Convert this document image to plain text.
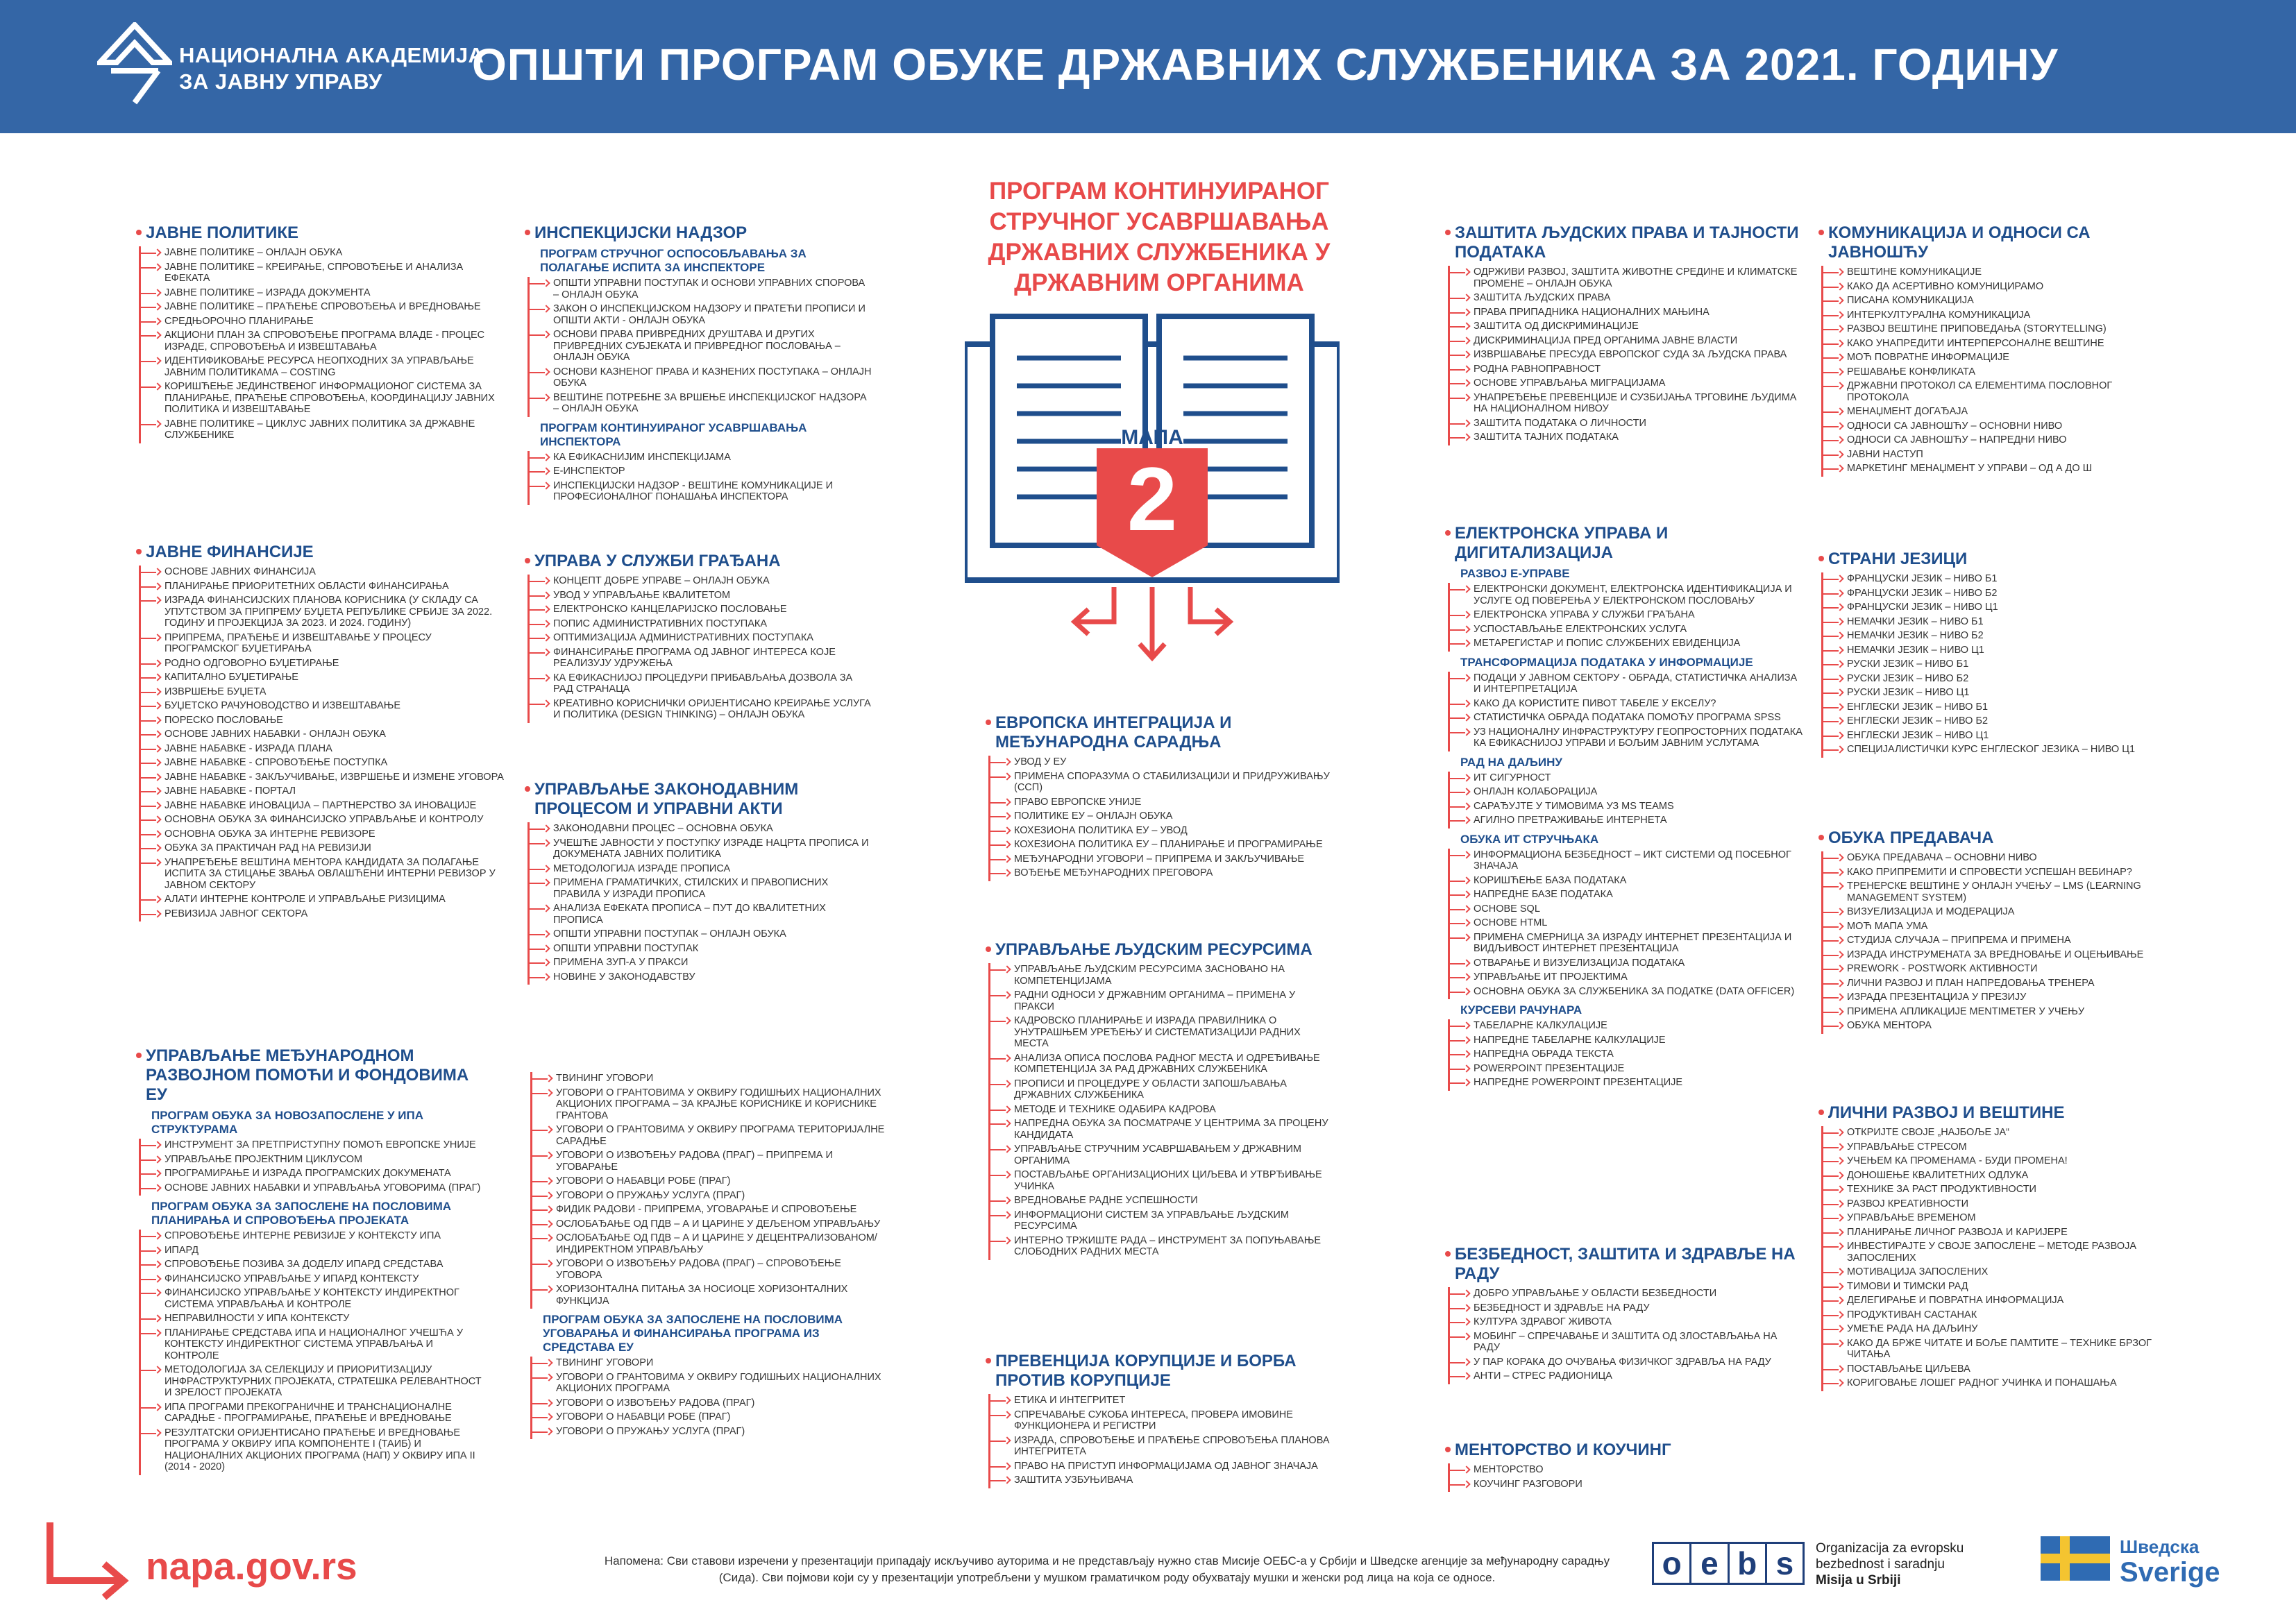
НАЦИОНАЛНА АКАДЕМИЈА
ЗА ЈАВНУ УПРАВУ ОПШТИ ПРОГРАМ ОБУКЕ ДРЖАВНИХ СЛУЖБЕНИКА ЗА 2021. ГОДИНУ
ЈАВНЕ ПОЛИТИКЕ
ЈАВНЕ ПОЛИТИКЕ – ОНЛАЈН ОБУКА
ЈАВНЕ ПОЛИТИКЕ – КРЕИРАЊЕ, СПРОВОЂЕЊЕ И АНАЛИЗА ЕФЕКАТА
ЈАВНЕ ПОЛИТИКЕ – ИЗРАДА ДОКУМЕНТА
ЈАВНЕ ПОЛИТИКЕ – ПРАЋЕЊЕ СПРОВОЂЕЊА И ВРЕДНОВАЊЕ
СРЕДЊОРОЧНО ПЛАНИРАЊЕ
АКЦИОНИ ПЛАН ЗА СПРОВОЂЕЊЕ ПРОГРАМА ВЛАДЕ - ПРОЦЕС ИЗРАДЕ, СПРОВОЂЕЊА И ИЗВЕШТАВАЊА
ИДЕНТИФИКОВАЊЕ РЕСУРСА НЕОПХОДНИХ ЗА УПРАВЉАЊЕ ЈАВНИМ ПОЛИТИКАМА – COSTING
КОРИШЋЕЊЕ ЈЕДИНСТВЕНОГ ИНФОРМАЦИОНОГ СИСТЕМА ЗА ПЛАНИРАЊЕ, ПРАЋЕЊЕ СПРОВОЂЕЊА, КООРДИНАЦИЈУ ЈАВНИХ ПОЛИТИКА И ИЗВЕШТАВАЊЕ
ЈАВНЕ ПОЛИТИКЕ – ЦИКЛУС ЈАВНИХ ПОЛИТИКА ЗА ДРЖАВНЕ СЛУЖБЕНИКЕ
ЈАВНЕ ФИНАНСИЈЕ
ОСНОВЕ ЈАВНИХ ФИНАНСИЈА
ПЛАНИРАЊЕ ПРИОРИТЕТНИХ ОБЛАСТИ ФИНАНСИРАЊА
ИЗРАДА ФИНАНСИЈСКИХ ПЛАНОВА КОРИСНИКА (У СКЛАДУ СА УПУТСТВОМ ЗА ПРИПРЕМУ БУЏЕТА РЕПУБЛИКЕ СРБИЈЕ ЗА 2022. ГОДИНУ И ПРОЈЕКЦИЈА ЗА 2023. И 2024. ГОДИНУ)
ПРИПРЕМА, ПРАЋЕЊЕ И ИЗВЕШТАВАЊЕ У ПРОЦЕСУ ПРОГРАМСКОГ БУЏЕТИРАЊА
РОДНО ОДГОВОРНО БУЏЕТИРАЊЕ
КАПИТАЛНО БУЏЕТИРАЊЕ
ИЗВРШЕЊЕ БУЏЕТА
БУЏЕТСКО РАЧУНОВОДСТВО И ИЗВЕШТАВАЊЕ
ПОРЕСКО ПОСЛОВАЊЕ
ОСНОВЕ ЈАВНИХ НАБАВКИ - ОНЛАЈН ОБУКА
ЈАВНЕ НАБАВКЕ - ИЗРАДА ПЛАНА
ЈАВНЕ НАБАВКЕ - СПРОВОЂЕЊЕ ПОСТУПКА
ЈАВНЕ НАБАВКЕ - ЗАКЉУЧИВАЊЕ, ИЗВРШЕЊЕ И ИЗМЕНЕ УГОВОРА
ЈАВНЕ НАБАВКЕ - ПОРТАЛ
ЈАВНЕ НАБАВКЕ ИНОВАЦИЈА – ПАРТНЕРСТВО ЗА ИНОВАЦИЈЕ
ОСНОВНА ОБУКА ЗА ФИНАНСИЈСКО УПРАВЉАЊЕ И КОНТРОЛУ
ОСНОВНА ОБУКА ЗА ИНТЕРНЕ РЕВИЗОРЕ
ОБУКА ЗА ПРАКТИЧАН РАД НА РЕВИЗИЈИ
УНАПРЕЂЕЊЕ ВЕШТИНА МЕНТОРА КАНДИДАТА ЗА ПОЛАГАЊЕ ИСПИТА ЗА СТИЦАЊЕ ЗВАЊА ОВЛАШЋЕНИ ИНТЕРНИ РЕВИЗОР У ЈАВНОМ СЕКТОРУ
АЛАТИ ИНТЕРНЕ КОНТРОЛЕ И УПРАВЉАЊЕ РИЗИЦИМА
РЕВИЗИЈА ЈАВНОГ СЕКТОРА
УПРАВЉАЊЕ МЕЂУНАРОДНОМ РАЗВОЈНОМ ПОМОЋИ И ФОНДОВИМА ЕУ
ПРОГРАМ ОБУКА ЗА НОВОЗАПОСЛЕНЕ У ИПА СТРУКТУРАМА
ИНСТРУМЕНТ ЗА ПРЕТПРИСТУПНУ ПОМОЋ ЕВРОПСКЕ УНИЈЕ
УПРАВЉАЊЕ ПРОЈЕКТНИМ ЦИКЛУСОМ
ПРОГРАМИРАЊЕ И ИЗРАДА ПРОГРАМСКИХ ДОКУМЕНАТА
ОСНОВЕ ЈАВНИХ НАБАВКИ И УПРАВЉАЊА УГОВОРИМА (ПРАГ)
ПРОГРАМ ОБУКА ЗА ЗАПОСЛЕНЕ НА ПОСЛОВИМА ПЛАНИРАЊА И СПРОВОЂЕЊА ПРОЈЕКАТА
СПРОВОЂЕЊЕ ИНТЕРНЕ РЕВИЗИЈЕ У КОНТЕКСТУ ИПА
ИПАРД
СПРОВОЂЕЊЕ ПОЗИВА ЗА ДОДЕЛУ ИПАРД СРЕДСТАВА
ФИНАНСИЈСКО УПРАВЉАЊЕ У ИПАРД КОНТЕКСТУ
ФИНАНСИЈСКО УПРАВЉАЊЕ У КОНТЕКСТУ ИНДИРЕКТНОГ СИСТЕМА УПРАВЉАЊА И КОНТРОЛЕ
НЕПРАВИЛНОСТИ У ИПА КОНТЕКСТУ
ПЛАНИРАЊЕ СРЕДСТАВА ИПА И НАЦИОНАЛНОГ УЧЕШЋА У КОНТЕКСТУ ИНДИРЕКТНОГ СИСТЕМА УПРАВЉАЊА И КОНТРОЛЕ
МЕТОДОЛОГИЈА ЗА СЕЛЕКЦИЈУ И ПРИОРИТИЗАЦИЈУ ИНФРАСТРУКТУРНИХ ПРОЈЕКАТА, СТРАТЕШКА РЕЛЕВАНТНОСТ И ЗРЕЛОСТ ПРОЈЕКАТА
ИПА ПРОГРАМИ ПРЕКОГРАНИЧНЕ И ТРАНСНАЦИОНАЛНЕ САРАДЊЕ - ПРОГРАМИРАЊЕ, ПРАЋЕЊЕ И ВРЕДНОВАЊЕ
РЕЗУЛТАТСКИ ОРИЈЕНТИСАНО ПРАЋЕЊЕ И ВРЕДНОВАЊЕ ПРОГРАМА У ОКВИРУ ИПА КОМПОНЕНТЕ I (ТАИБ) И НАЦИОНАЛНИХ АКЦИОНИХ ПРОГРАМА (НАП) У ОКВИРУ ИПА II (2014 - 2020)
ТВИНИНГ УГОВОРИ
УГОВОРИ О ГРАНТОВИМА У ОКВИРУ ГОДИШЊИХ НАЦИОНАЛНИХ АКЦИОНИХ ПРОГРАМА – ЗА КРАЈЊЕ КОРИСНИКЕ И КОРИСНИКЕ ГРАНТОВА
УГОВОРИ О ГРАНТОВИМА У ОКВИРУ ПРОГРАМА ТЕРИТОРИЈАЛНЕ САРАДЊЕ
УГОВОРИ О ИЗВОЂЕЊУ РАДОВА (ПРАГ) – ПРИПРЕМА И УГОВАРАЊЕ
УГОВОРИ О НАБАВЦИ РОБЕ (ПРАГ)
УГОВОРИ О ПРУЖАЊУ УСЛУГА (ПРАГ)
ФИДИК РАДОВИ - ПРИПРЕМА, УГОВАРАЊЕ И СПРОВОЂЕЊЕ
ОСЛОБАЂАЊЕ ОД ПДВ – А И ЦАРИНЕ У ДЕЉЕНОМ УПРАВЉАЊУ
ОСЛОБАЂАЊЕ ОД ПДВ – А И ЦАРИНЕ У ДЕЦЕНТРАЛИЗОВАНОМ/ ИНДИРЕКТНОМ УПРАВЉАЊУ
УГОВОРИ О ИЗВОЂЕЊУ РАДОВА (ПРАГ) – СПРОВОЂЕЊЕ УГОВОРА
ХОРИЗОНТАЛНА ПИТАЊА ЗА НОСИОЦЕ ХОРИЗОНТАЛНИХ ФУНКЦИЈА
ПРОГРАМ ОБУКА ЗА ЗАПОСЛЕНЕ НА ПОСЛОВИМА УГОВАРАЊА И ФИНАНСИРАЊА ПРОГРАМА ИЗ СРЕДСТАВА ЕУ
ТВИНИНГ УГОВОРИ
УГОВОРИ О ГРАНТОВИМА У ОКВИРУ ГОДИШЊИХ НАЦИОНАЛНИХ АКЦИОНИХ ПРОГРАМА
УГОВОРИ О ИЗВОЂЕЊУ РАДОВА (ПРАГ)
УГОВОРИ О НАБАВЦИ РОБЕ (ПРАГ)
УГОВОРИ О ПРУЖАЊУ УСЛУГА (ПРАГ)
ИНСПЕКЦИЈСКИ НАДЗОР
ПРОГРАМ СТРУЧНОГ ОСПОСОБЉАВАЊА ЗА ПОЛАГАЊЕ ИСПИТА ЗА ИНСПЕКТОРЕ
ОПШТИ УПРАВНИ ПОСТУПАК И ОСНОВИ УПРАВНИХ СПОРОВА – ОНЛАЈН ОБУКА
ЗАКОН О ИНСПЕКЦИЈСКОМ НАДЗОРУ И ПРАТЕЋИ ПРОПИСИ И ОПШТИ АКТИ - ОНЛАЈН ОБУКА
ОСНОВИ ПРАВА ПРИВРЕДНИХ ДРУШТАВА И ДРУГИХ ПРИВРЕДНИХ СУБЈЕКАТА И ПРИВРЕДНОГ ПОСЛОВАЊА – ОНЛАЈН ОБУКА
ОСНОВИ КАЗНЕНОГ ПРАВА И КАЗНЕНИХ ПОСТУПАКА – ОНЛАЈН ОБУКА
ВЕШТИНЕ ПОТРЕБНЕ ЗА ВРШЕЊЕ ИНСПЕКЦИЈСКОГ НАДЗОРА – ОНЛАЈН ОБУКА
ПРОГРАМ КОНТИНУИРАНОГ УСАВРШАВАЊА ИНСПЕКТОРА
КА ЕФИКАСНИЈИМ ИНСПЕКЦИЈАМА
Е-ИНСПЕКТОР
ИНСПЕКЦИЈСКИ НАДЗОР - ВЕШТИНЕ КОМУНИКАЦИЈЕ И ПРОФЕСИОНАЛНОГ ПОНАШАЊА ИНСПЕКТОРА
УПРАВА У СЛУЖБИ ГРАЂАНА
КОНЦЕПТ ДОБРЕ УПРАВЕ – ОНЛАЈН ОБУКА
УВОД У УПРАВЉАЊЕ КВАЛИТЕТОМ
ЕЛЕКТРОНСКО КАНЦЕЛАРИЈСКО ПОСЛОВАЊЕ
ПОПИС АДМИНИСТРАТИВНИХ ПОСТУПАКА
ОПТИМИЗАЦИЈА АДМИНИСТРАТИВНИХ ПОСТУПАКА
ФИНАНСИРАЊЕ ПРОГРАМА ОД ЈАВНОГ ИНТЕРЕСА КОЈЕ РЕАЛИЗУЈУ УДРУЖЕЊА
КА ЕФИКАСНИЈОЈ ПРОЦЕДУРИ ПРИБАВЉАЊА ДОЗВОЛА ЗА РАД СТРАНАЦА
КРЕАТИВНО КОРИСНИЧКИ ОРИЈЕНТИСАНО КРЕИРАЊЕ УСЛУГА И ПОЛИТИКА (DESIGN THINKING) – ОНЛАЈН ОБУКА
УПРАВЉАЊЕ ЗАКОНОДАВНИМ ПРОЦЕСОМ И УПРАВНИ АКТИ
ЗАКОНОДАВНИ ПРОЦЕС – ОСНОВНА ОБУКА
УЧЕШЋЕ ЈАВНОСТИ У ПОСТУПКУ ИЗРАДЕ НАЦРТА ПРОПИСА И ДОКУМЕНАТА ЈАВНИХ ПОЛИТИКА
МЕТОДОЛОГИЈА ИЗРАДЕ ПРОПИСА
ПРИМЕНА ГРАМАТИЧКИХ, СТИЛСКИХ И ПРАВОПИСНИХ ПРАВИЛА У ИЗРАДИ ПРОПИСА
АНАЛИЗА ЕФЕКАТА ПРОПИСА – ПУТ ДО КВАЛИТЕТНИХ ПРОПИСА
ОПШТИ УПРАВНИ ПОСТУПАК – ОНЛАЈН ОБУКА
ОПШТИ УПРАВНИ ПОСТУПАК
ПРИМЕНА ЗУП-А У ПРАКСИ
НОВИНЕ У ЗАКОНОДАВСТВУ
ЕВРОПСКА ИНТЕГРАЦИЈА И МЕЂУНАРОДНА САРАДЊА
УВОД У ЕУ
ПРИМЕНА СПОРАЗУМА О СТАБИЛИЗАЦИЈИ И ПРИДРУЖИВАЊУ (ССП)
ПРАВО ЕВРОПСКЕ УНИЈЕ
ПОЛИТИКЕ ЕУ – ОНЛАЈН ОБУКА
КОХЕЗИОНА ПОЛИТИКА ЕУ – УВОД
КОХЕЗИОНА ПОЛИТИКА ЕУ – ПЛАНИРАЊЕ И ПРОГРАМИРАЊЕ
МЕЂУНАРОДНИ УГОВОРИ – ПРИПРЕМА И ЗАКЉУЧИВАЊЕ
ВОЂЕЊЕ МЕЂУНАРОДНИХ ПРЕГОВОРА
УПРАВЉАЊЕ ЉУДСКИМ РЕСУРСИМА
УПРАВЉАЊЕ ЉУДСКИМ РЕСУРСИМА ЗАСНОВАНО НА КОМПЕТЕНЦИЈАМА
РАДНИ ОДНОСИ У ДРЖАВНИМ ОРГАНИМА – ПРИМЕНА У ПРАКСИ
КАДРОВСКО ПЛАНИРАЊЕ И ИЗРАДА ПРАВИЛНИКА О УНУТРАШЊЕМ УРЕЂЕЊУ И СИСТЕМАТИЗАЦИЈИ РАДНИХ МЕСТА
АНАЛИЗА ОПИСА ПОСЛОВА РАДНОГ МЕСТА И ОДРЕЂИВАЊЕ КОМПЕТЕНЦИЈА ЗА РАД ДРЖАВНИХ СЛУЖБЕНИКА
ПРОПИСИ И ПРОЦЕДУРЕ У ОБЛАСТИ ЗАПОШЉАВАЊА ДРЖАВНИХ СЛУЖБЕНИКА
МЕТОДЕ И ТЕХНИКЕ ОДАБИРА КАДРОВА
НАПРЕДНА ОБУКА ЗА ПОСМАТРАЧЕ У ЦЕНТРИМА ЗА ПРОЦЕНУ КАНДИДАТА
УПРАВЉАЊЕ СТРУЧНИМ УСАВРШАВАЊЕМ У ДРЖАВНИМ ОРГАНИМА
ПОСТАВЉАЊЕ ОРГАНИЗАЦИОНИХ ЦИЉЕВА И УТВРЂИВАЊЕ УЧИНКА
ВРЕДНОВАЊЕ РАДНЕ УСПЕШНОСТИ
ИНФОРМАЦИОНИ СИСТЕМ ЗА УПРАВЉАЊЕ ЉУДСКИМ РЕСУРСИМА
ИНТЕРНО ТРЖИШТЕ РАДА – ИНСТРУМЕНТ ЗА ПОПУЊАВАЊЕ СЛОБОДНИХ РАДНИХ МЕСТА
ПРЕВЕНЦИЈА КОРУПЦИЈЕ И БОРБА ПРОТИВ КОРУПЦИЈЕ
ЕТИКА И ИНТЕГРИТЕТ
СПРЕЧАВАЊЕ СУКОБА ИНТЕРЕСА, ПРОВЕРА ИМОВИНЕ ФУНКЦИОНЕРА И РЕГИСТРИ
ИЗРАДА, СПРОВОЂЕЊЕ И ПРАЋЕЊЕ СПРОВОЂЕЊА ПЛАНОВА ИНТЕГРИТЕТА
ПРАВО НА ПРИСТУП ИНФОРМАЦИЈАМА ОД ЈАВНОГ ЗНАЧАЈА
ЗАШТИТА УЗБУЊИВАЧА
ЗАШТИТА ЉУДСКИХ ПРАВА И ТАЈНОСТИ ПОДАТАКА
ОДРЖИВИ РАЗВОЈ, ЗАШТИТА ЖИВОТНЕ СРЕДИНЕ И КЛИМАТСКЕ ПРОМЕНЕ – ОНЛАЈН ОБУКА
ЗАШТИТА ЉУДСКИХ ПРАВА
ПРАВА ПРИПАДНИКА НАЦИОНАЛНИХ МАЊИНА
ЗАШТИТА ОД ДИСКРИМИНАЦИЈЕ
ДИСКРИМИНАЦИЈА ПРЕД ОРГАНИМА ЈАВНЕ ВЛАСТИ
ИЗВРШАВАЊЕ ПРЕСУДА ЕВРОПСКОГ СУДА ЗА ЉУДСКА ПРАВА
РОДНА РАВНОПРАВНОСТ
ОСНОВЕ УПРАВЉАЊА МИГРАЦИЈАМА
УНАПРЕЂЕЊЕ ПРЕВЕНЦИЈЕ И СУЗБИЈАЊА ТРГОВИНЕ ЉУДИМА НА НАЦИОНАЛНОМ НИВОУ
ЗАШТИТА ПОДАТАКА О ЛИЧНОСТИ
ЗАШТИТА ТАЈНИХ ПОДАТАКА
ЕЛЕКТРОНСКА УПРАВА И ДИГИТАЛИЗАЦИЈА
РАЗВОЈ Е-УПРАВЕ
ЕЛЕКТРОНСКИ ДОКУМЕНТ, ЕЛЕКТРОНСКА ИДЕНТИФИКАЦИЈА И УСЛУГЕ ОД ПОВЕРЕЊА У ЕЛЕКТРОНСКОМ ПОСЛОВАЊУ
ЕЛЕКТРОНСКА УПРАВА У СЛУЖБИ ГРАЂАНА
УСПОСТАВЉАЊЕ ЕЛЕКТРОНСКИХ УСЛУГА
МЕТАРЕГИСТАР И ПОПИС СЛУЖБЕНИХ ЕВИДЕНЦИЈА
ТРАНСФОРМАЦИЈА ПОДАТАКА У ИНФОРМАЦИЈЕ
ПОДАЦИ У ЈАВНОМ СЕКТОРУ - ОБРАДА, СТАТИСТИЧКА АНАЛИЗА И ИНТЕРПРЕТАЦИЈА
КАКО ДА КОРИСТИТЕ ПИВОТ ТАБЕЛЕ У ЕКСЕЛУ?
СТАТИСТИЧКА ОБРАДА ПОДАТАКА ПОМОЋУ ПРОГРАМА SPSS
УЗ НАЦИОНАЛНУ ИНФРАСТРУКТУРУ ГЕОПРОСТОРНИХ ПОДАТАКА КА ЕФИКАСНИЈОЈ УПРАВИ И БОЉИМ ЈАВНИМ УСЛУГАМА
РАД НА ДАЉИНУ
ИТ СИГУРНОСТ
ОНЛАЈН КОЛАБОРАЦИЈА
САРАЂУЈТЕ У ТИМОВИМА УЗ MS TEAMS
АГИЛНО ПРЕТРАЖИВАЊЕ ИНТЕРНЕТА
ОБУКА ИТ СТРУЧЊАКА
ИНФОРМАЦИОНА БЕЗБЕДНОСТ – ИКТ СИСТЕМИ ОД ПОСЕБНОГ ЗНАЧАЈА
КОРИШЋЕЊЕ БАЗА ПОДАТАКА
НАПРЕДНЕ БАЗЕ ПОДАТАКА
ОСНОВЕ SQL
ОСНОВЕ HTML
ПРИМЕНА СМЕРНИЦА ЗА ИЗРАДУ ИНТЕРНЕТ ПРЕЗЕНТАЦИЈА И ВИДЉИВОСТ ИНТЕРНЕТ ПРЕЗЕНТАЦИЈА
ОТВАРАЊЕ И ВИЗУЕЛИЗАЦИЈА ПОДАТАКА
УПРАВЉАЊЕ ИТ ПРОЈЕКТИМА
ОСНОВНА ОБУКА ЗА СЛУЖБЕНИКА ЗА ПОДАТКЕ (DATA OFFICER)
КУРСЕВИ РАЧУНАРА
ТАБЕЛАРНЕ КАЛКУЛАЦИЈЕ
НАПРЕДНЕ ТАБЕЛАРНЕ КАЛКУЛАЦИЈЕ
НАПРЕДНА ОБРАДА ТЕКСТА
POWERPOINT ПРЕЗЕНТАЦИЈЕ
НАПРЕДНЕ POWERPOINT ПРЕЗЕНТАЦИЈЕ
БЕЗБЕДНОСТ, ЗАШТИТА И ЗДРАВЉЕ НА РАДУ
ДОБРО УПРАВЉАЊЕ У ОБЛАСТИ БЕЗБЕДНОСТИ
БЕЗБЕДНОСТ И ЗДРАВЉЕ НА РАДУ
КУЛТУРА ЗДРАВОГ ЖИВОТА
МОБИНГ – СПРЕЧАВАЊЕ И ЗАШТИТА ОД ЗЛОСТАВЉАЊА НА РАДУ
У ПАР КОРАКА ДО ОЧУВАЊА ФИЗИЧКОГ ЗДРАВЉА НА РАДУ
АНТИ – СТРЕС РАДИОНИЦА
МЕНТОРСТВО И КОУЧИНГ
МЕНТОРСТВО
КОУЧИНГ РАЗГОВОРИ
КОМУНИКАЦИЈА И ОДНОСИ СА ЈАВНОШЋУ
ВЕШТИНЕ КОМУНИКАЦИЈЕ
КАКО ДА АСЕРТИВНО КОМУНИЦИРАМО
ПИСАНА КОМУНИКАЦИЈА
ИНТЕРКУЛТУРАЛНА КОМУНИКАЦИЈА
РАЗВОЈ ВЕШТИНЕ ПРИПОВЕДАЊА (STORYTELLING)
КАКО УНАПРЕДИТИ ИНТЕРПЕРСОНАЛНЕ ВЕШТИНЕ
МОЋ ПОВРАТНЕ ИНФОРМАЦИЈЕ
РЕШАВАЊЕ КОНФЛИКАТА
ДРЖАВНИ ПРОТОКОЛ СА ЕЛЕМЕНТИМА ПОСЛОВНОГ ПРОТОКОЛА
МЕНАЏМЕНТ ДОГАЂАЈА
ОДНОСИ СА ЈАВНОШЋУ – ОСНОВНИ НИВО
ОДНОСИ СА ЈАВНОШЋУ – НАПРЕДНИ НИВО
ЈАВНИ НАСТУП
МАРКЕТИНГ МЕНАЏМЕНТ У УПРАВИ – ОД А ДО Ш
СТРАНИ ЈЕЗИЦИ
ФРАНЦУСКИ ЈЕЗИК – НИВО Б1
ФРАНЦУСКИ ЈЕЗИК – НИВО Б2
ФРАНЦУСКИ ЈЕЗИК – НИВО Ц1
НЕМАЧКИ ЈЕЗИК – НИВО Б1
НЕМАЧКИ ЈЕЗИК – НИВО Б2
НЕМАЧКИ ЈЕЗИК – НИВО Ц1
РУСКИ ЈЕЗИК – НИВО Б1
РУСКИ ЈЕЗИК – НИВО Б2
РУСКИ ЈЕЗИК – НИВО Ц1
ЕНГЛЕСКИ ЈЕЗИК – НИВО Б1
ЕНГЛЕСКИ ЈЕЗИК – НИВО Б2
ЕНГЛЕСКИ ЈЕЗИК – НИВО Ц1
СПЕЦИЈАЛИСТИЧКИ КУРС ЕНГЛЕСКОГ ЈЕЗИКА – НИВО Ц1
ОБУКА ПРЕДАВАЧА
ОБУКА ПРЕДАВАЧА – ОСНОВНИ НИВО
КАКО ПРИПРЕМИТИ И СПРОВЕСТИ УСПЕШАН ВЕБИНАР?
ТРЕНЕРСКЕ ВЕШТИНЕ У ОНЛАЈН УЧЕЊУ – LMS (LEARNING MANAGEMENT SYSTEM)
ВИЗУЕЛИЗАЦИЈА И МОДЕРАЦИЈА
МОЋ МАПА УМА
СТУДИЈА СЛУЧАЈА – ПРИПРЕМА И ПРИМЕНА
ИЗРАДА ИНСТРУМЕНАТА ЗА ВРЕДНОВАЊЕ И ОЦЕЊИВАЊЕ
PREWORK - POSTWORK АКТИВНОСТИ
ЛИЧНИ РАЗВОЈ И ПЛАН НАПРЕДОВАЊА ТРЕНЕРА
ИЗРАДА ПРЕЗЕНТАЦИЈА У ПРЕЗИЈУ
ПРИМЕНА АПЛИКАЦИЈЕ MENTIMETER У УЧЕЊУ
ОБУКА МЕНТОРА
ЛИЧНИ РАЗВОЈ И ВЕШТИНЕ
ОТКРИЈТЕ СВОЈЕ „НАЈБОЉЕ ЈА“
УПРАВЉАЊЕ СТРЕСОМ
УЧЕЊЕМ КА ПРОМЕНАМА - БУДИ ПРОМЕНА!
ДОНОШЕЊЕ КВАЛИТЕТНИХ ОДЛУКА
ТЕХНИКЕ ЗА РАСТ ПРОДУКТИВНОСТИ
РАЗВОЈ КРЕАТИВНОСТИ
УПРАВЉАЊЕ ВРЕМЕНОМ
ПЛАНИРАЊЕ ЛИЧНОГ РАЗВОЈА И КАРИЈЕРЕ
ИНВЕСТИРАЈТЕ У СВОЈЕ ЗАПОСЛЕНЕ – МЕТОДЕ РАЗВОЈА ЗАПОСЛЕНИХ
МОТИВАЦИЈА ЗАПОСЛЕНИХ
ТИМОВИ И ТИМСКИ РАД
ДЕЛЕГИРАЊЕ И ПОВРАТНА ИНФОРМАЦИЈА
ПРОДУКТИВАН САСТАНАК
УМЕЋЕ РАДА НА ДАЉИНУ
КАКО ДА БРЖЕ ЧИТАТЕ И БОЉЕ ПАМТИТЕ – ТЕХНИКЕ БРЗОГ ЧИТАЊА
ПОСТАВЉАЊЕ ЦИЉЕВА
КОРИГОВАЊЕ ЛОШЕГ РАДНОГ УЧИНКА И ПОНАШАЊА
ПРОГРАМ КОНТИНУИРАНОГ СТРУЧНОГ УСАВРШАВАЊА ДРЖАВНИХ СЛУЖБЕНИКА У ДРЖАВНИМ ОРГАНИМА
МАПА
2
napa.gov.rs	Напомена: Сви ставови изречени у презентацији припадају искључиво ауторима и не представљају нужно став Мисије ОЕБС-а у Србији и Шведске агенције за међународну сарадњу (Сида). Сви појмови који су у презентацији употребљени у мушком граматичком роду обухватају мушки и женски род лица на која се односе.	o e b s	Organizacija za evropsku
bezbednost i saradnju
Misija u Srbiji
Шведска
Sverige
